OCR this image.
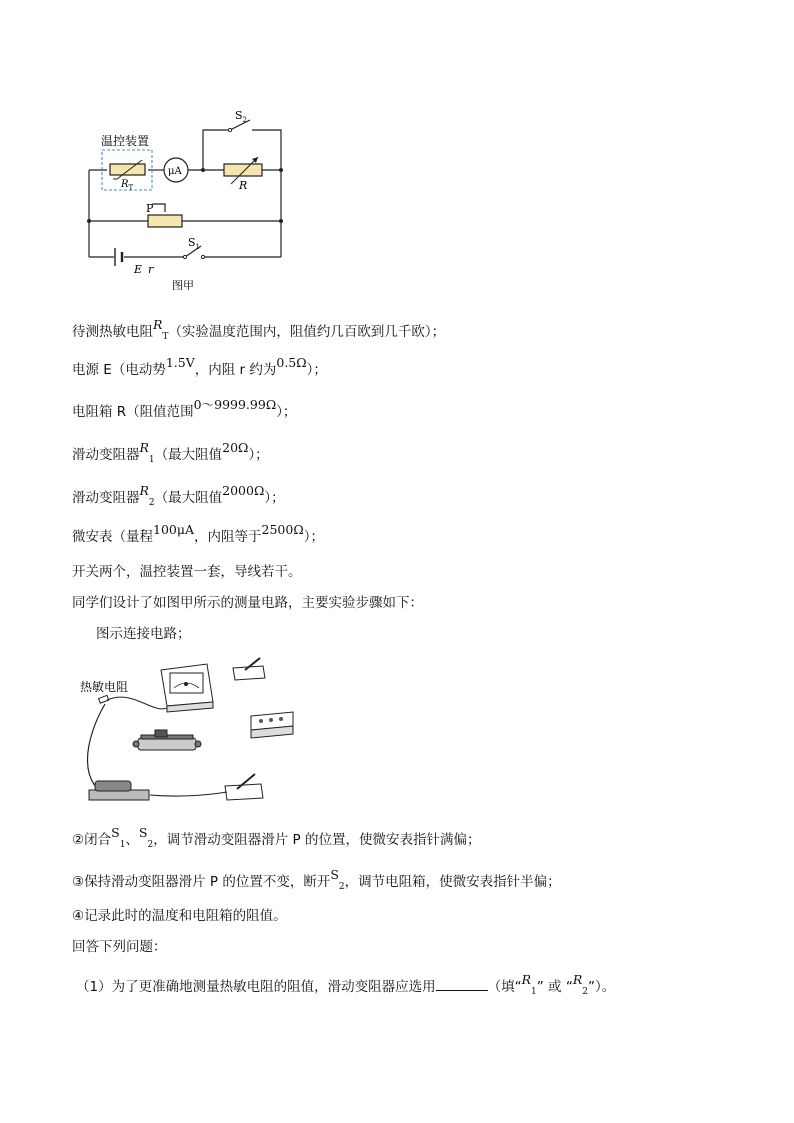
温控装置
$S_2$
μA
$R_T$	R
P
$S_1$
E r
图甲
待测热敏电阻$R_T$（实验温度范围内，阻值约几百欧到几千欧）；
电源 E（电动势1.5V，内阻 r 约为0.5Ω）；
电阻箱 R（阻值范围0～9999.99Ω）；
滑动变阻器$R_1$（最大阻值20Ω）；
滑动变阻器$R_2$（最大阻值2000Ω）；
微安表（量程100μA，内阻等于2500Ω）；
开关两个，温控装置一套，导线若干。
同学们设计了如图甲所示的测量电路，主要实验步骤如下：
图示连接电路；
热敏电阻
②闭合$S_1$、$S_2$，调节滑动变阻器滑片 P 的位置，使微安表指针满偏；
③保持滑动变阻器滑片 P 的位置不变，断开$S_2$，调节电阻箱，使微安表指针半偏；
④记录此时的温度和电阻箱的阻值。
回答下列问题：
（1）为了更准确地测量热敏电阻的阻值，滑动变阻器应选用	（填“$R_1$” 或 “$R_2$”）。
